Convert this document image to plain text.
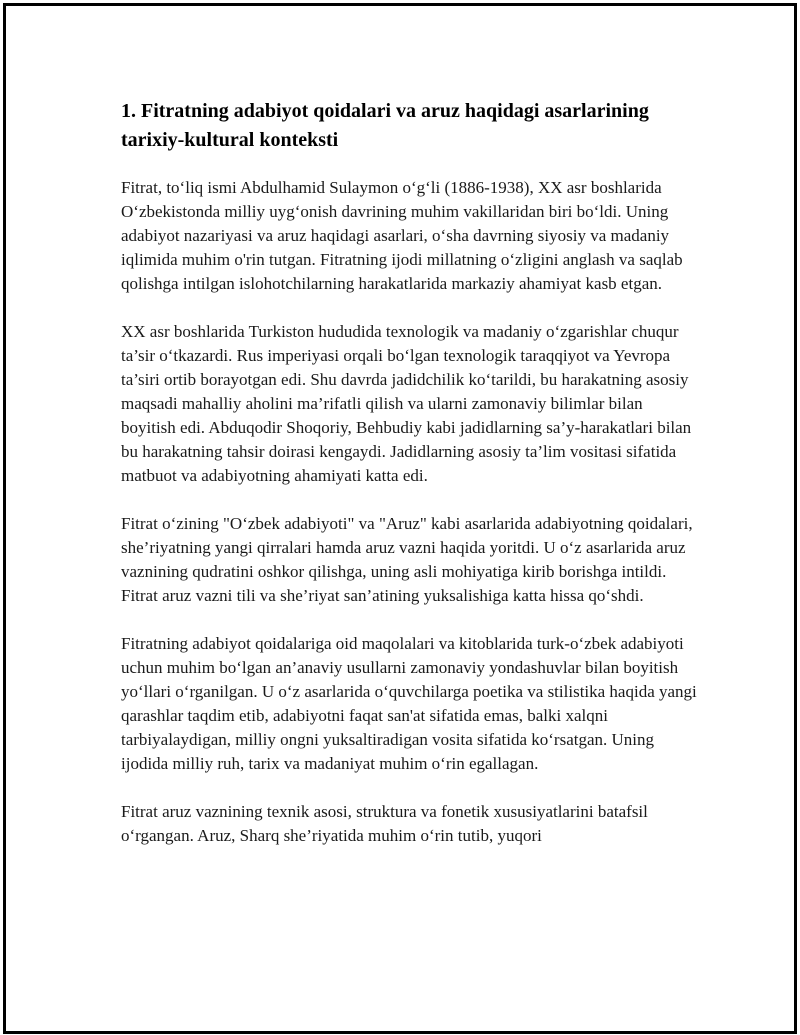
1. Fitratning adabiyot qoidalari va aruz haqidagi asarlarining tarixiy-kultural konteksti

Fitrat, to‘liq ismi Abdulhamid Sulaymon o‘g‘li (1886-1938), XX asr boshlarida O‘zbekistonda milliy uyg‘onish davrining muhim vakillaridan biri bo‘ldi. Uning adabiyot nazariyasi va aruz haqidagi asarlari, o‘sha davrning siyosiy va madaniy iqlimida muhim o'rin tutgan. Fitratning ijodi millatning o‘zligini anglash va saqlab qolishga intilgan islohotchilarning harakatlarida markaziy ahamiyat kasb etgan.

XX asr boshlarida Turkiston hududida texnologik va madaniy o‘zgarishlar chuqur ta’sir o‘tkazardi. Rus imperiyasi orqali bo‘lgan texnologik taraqqiyot va Yevropa ta’siri ortib borayotgan edi. Shu davrda jadidchilik ko‘tarildi, bu harakatning asosiy maqsadi mahalliy aholini ma’rifatli qilish va ularni zamonaviy bilimlar bilan boyitish edi. Abduqodir Shoqoriy, Behbudiy kabi jadidlarning sa’y-harakatlari bilan bu harakatning tahsir doirasi kengaydi. Jadidlarning asosiy ta’lim vositasi sifatida matbuot va adabiyotning ahamiyati katta edi.

Fitrat o‘zining "O‘zbek adabiyoti" va "Aruz" kabi asarlarida adabiyotning qoidalari, she’riyatning yangi qirralari hamda aruz vazni haqida yoritdi. U o‘z asarlarida aruz vaznining qudratini oshkor qilishga, uning asli mohiyatiga kirib borishga intildi. Fitrat aruz vazni tili va she’riyat san’atining yuksalishiga katta hissa qo‘shdi.

Fitratning adabiyot qoidalariga oid maqolalari va kitoblarida turk-o‘zbek adabiyoti uchun muhim bo‘lgan an’anaviy usullarni zamonaviy yondashuvlar bilan boyitish yo‘llari o‘rganilgan. U o‘z asarlarida o‘quvchilarga poetika va stilistika haqida yangi qarashlar taqdim etib, adabiyotni faqat san'at sifatida emas, balki xalqni tarbiyalaydigan, milliy ongni yuksaltiradigan vosita sifatida ko‘rsatgan. Uning ijodida milliy ruh, tarix va madaniyat muhim o‘rin egallagan.

Fitrat aruz vaznining texnik asosi, struktura va fonetik xususiyatlarini batafsil o‘rgangan. Aruz, Sharq she’riyatida muhim o‘rin tutib, yuqori
